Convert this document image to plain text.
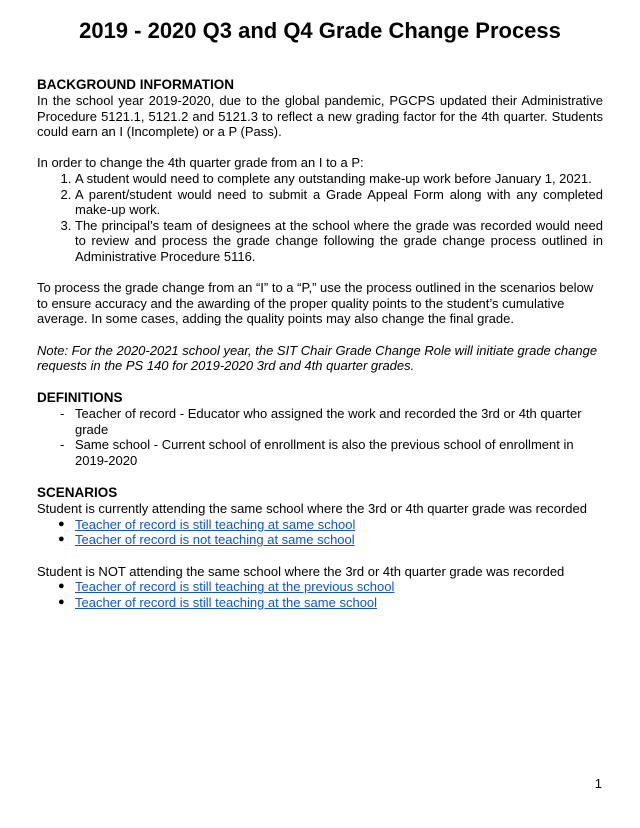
2019 - 2020 Q3 and Q4 Grade Change Process

BACKGROUND INFORMATION

In the school year 2019-2020, due to the global pandemic, PGCPS updated their Administrative Procedure 5121.1, 5121.2 and 5121.3 to reflect a new grading factor for the 4th quarter. Students could earn an I (Incomplete) or a P (Pass).

In order to change the 4th quarter grade from an I to a P:

1. A student would need to complete any outstanding make-up work before January 1, 2021.
2. A parent/student would need to submit a Grade Appeal Form along with any completed make-up work.
3. The principal’s team of designees at the school where the grade was recorded would need to review and process the grade change following the grade change process outlined in Administrative Procedure 5116.

To process the grade change from an “I” to a “P,” use the process outlined in the scenarios below to ensure accuracy and the awarding of the proper quality points to the student’s cumulative average. In some cases, adding the quality points may also change the final grade.

Note: For the 2020-2021 school year, the SIT Chair Grade Change Role will initiate grade change requests in the PS 140 for 2019-2020 3rd and 4th quarter grades.

DEFINITIONS

- Teacher of record - Educator who assigned the work and recorded the 3rd or 4th quarter grade
- Same school - Current school of enrollment is also the previous school of enrollment in 2019-2020

SCENARIOS

Student is currently attending the same school where the 3rd or 4th quarter grade was recorded

● Teacher of record is still teaching at same school
● Teacher of record is not teaching at same school

Student is NOT attending the same school where the 3rd or 4th quarter grade was recorded

● Teacher of record is still teaching at the previous school
● Teacher of record is still teaching at the same school
1
